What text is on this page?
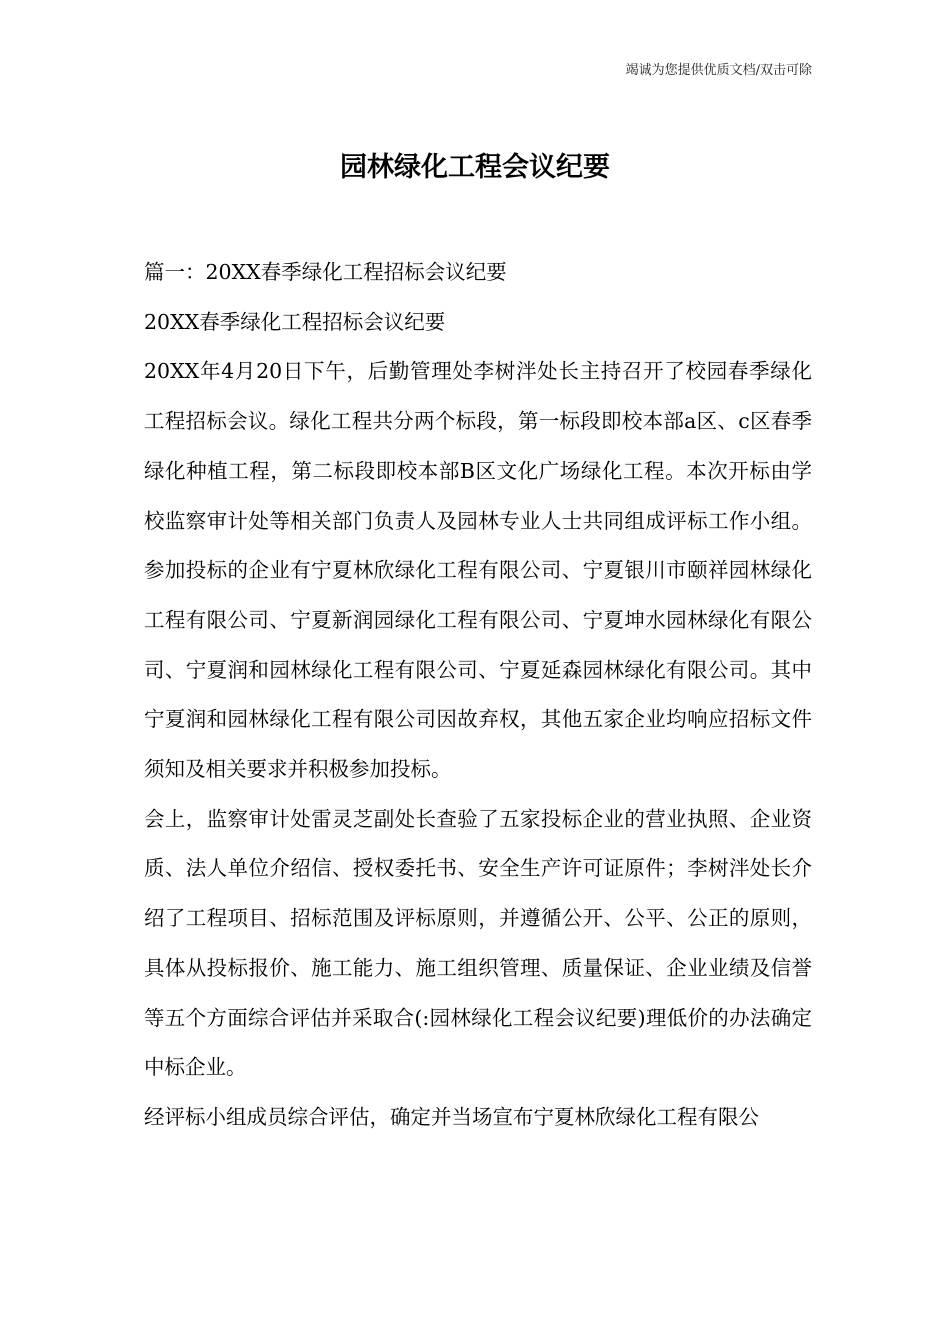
竭诚为您提供优质文档/双击可除
园林绿化工程会议纪要

篇一：20XX春季绿化工程招标会议纪要

20XX春季绿化工程招标会议纪要

20XX年4月20日下午，后勤管理处李树泮处长主持召开了校园春季绿化工程招标会议。绿化工程共分两个标段，第一标段即校本部a区、c区春季绿化种植工程，第二标段即校本部B区文化广场绿化工程。本次开标由学校监察审计处等相关部门负责人及园林专业人士共同组成评标工作小组。参加投标的企业有宁夏林欣绿化工程有限公司、宁夏银川市颐祥园林绿化工程有限公司、宁夏新润园绿化工程有限公司、宁夏坤水园林绿化有限公司、宁夏润和园林绿化工程有限公司、宁夏延森园林绿化有限公司。其中宁夏润和园林绿化工程有限公司因故弃权，其他五家企业均响应招标文件须知及相关要求并积极参加投标。

会上，监察审计处雷灵芝副处长查验了五家投标企业的营业执照、企业资质、法人单位介绍信、授权委托书、安全生产许可证原件；李树泮处长介绍了工程项目、招标范围及评标原则，并遵循公开、公平、公正的原则，具体从投标报价、施工能力、施工组织管理、质量保证、企业业绩及信誉等五个方面综合评估并采取合(:园林绿化工程会议纪要)理低价的办法确定中标企业。

经评标小组成员综合评估，确定并当场宣布宁夏林欣绿化工程有限公
